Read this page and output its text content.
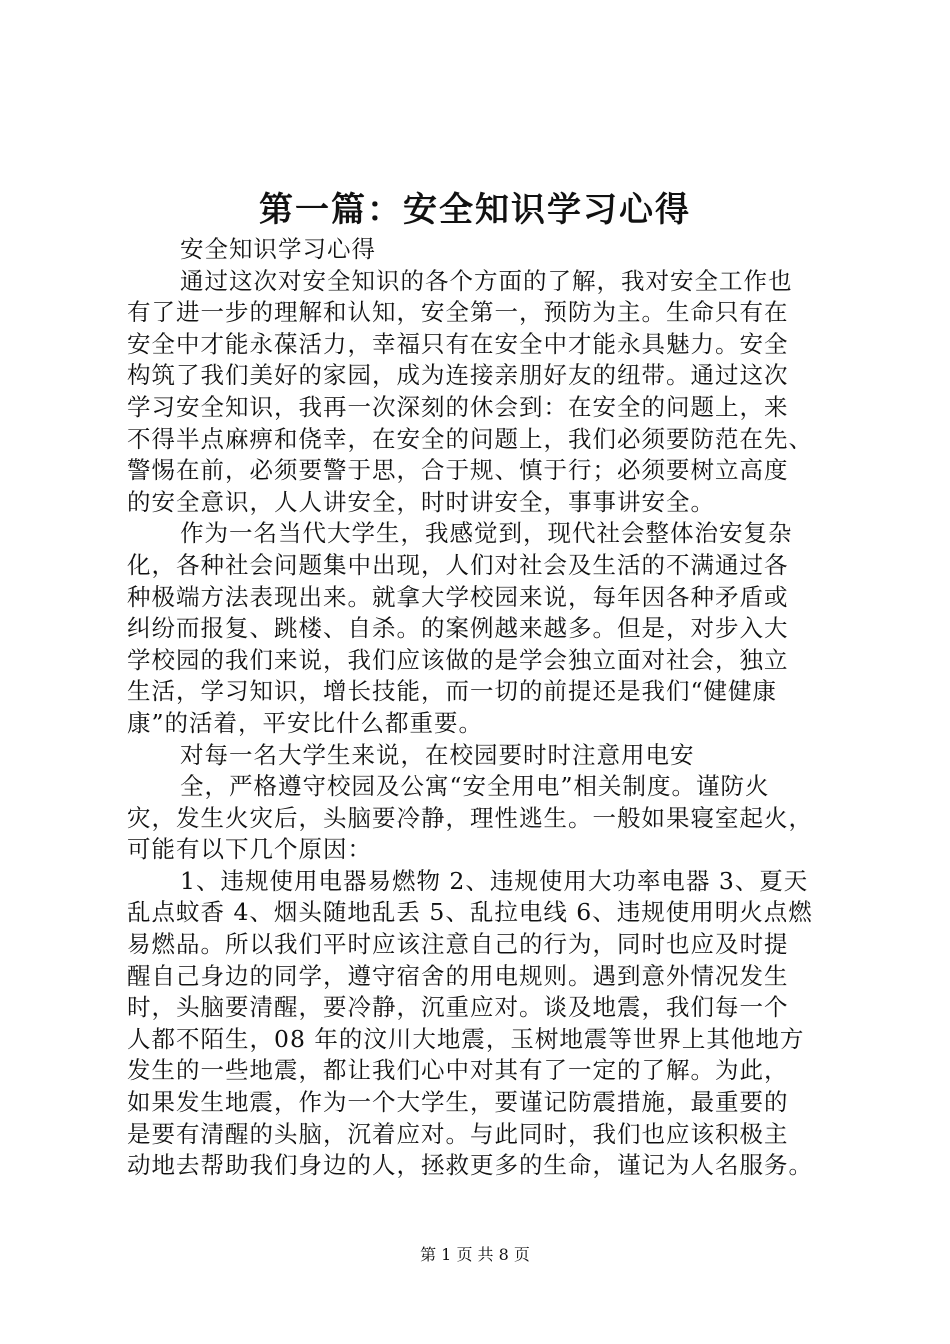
第一篇：安全知识学习心得
安全知识学习心得
通过这次对安全知识的各个方面的了解，我对安全工作也
有了进一步的理解和认知，安全第一，预防为主。生命只有在
安全中才能永葆活力，幸福只有在安全中才能永具魅力。安全
构筑了我们美好的家园，成为连接亲朋好友的纽带。通过这次
学习安全知识，我再一次深刻的休会到：在安全的问题上，来
不得半点麻痹和侥幸，在安全的问题上，我们必须要防范在先、
警惕在前，必须要警于思，合于规、慎于行；必须要树立高度
的安全意识，人人讲安全，时时讲安全，事事讲安全。
作为一名当代大学生，我感觉到，现代社会整体治安复杂
化，各种社会问题集中出现，人们对社会及生活的不满通过各
种极端方法表现出来。就拿大学校园来说，每年因各种矛盾或
纠纷而报复、跳楼、自杀。的案例越来越多。但是，对步入大
学校园的我们来说，我们应该做的是学会独立面对社会，独立
生活，学习知识，增长技能，而一切的前提还是我们“健健康
康”的活着，平安比什么都重要。
对每一名大学生来说，在校园要时时注意用电安
全，严格遵守校园及公寓“安全用电”相关制度。谨防火
灾，发生火灾后，头脑要冷静，理性逃生。一般如果寝室起火，
可能有以下几个原因：
1、违规使用电器易燃物 2、违规使用大功率电器 3、夏天
乱点蚊香 4、烟头随地乱丢 5、乱拉电线 6、违规使用明火点燃
易燃品。所以我们平时应该注意自己的行为，同时也应及时提
醒自己身边的同学，遵守宿舍的用电规则。遇到意外情况发生
时，头脑要清醒，要冷静，沉重应对。谈及地震，我们每一个
人都不陌生，08 年的汶川大地震，玉树地震等世界上其他地方
发生的一些地震，都让我们心中对其有了一定的了解。为此，
如果发生地震，作为一个大学生，要谨记防震措施，最重要的
是要有清醒的头脑，沉着应对。与此同时，我们也应该积极主
动地去帮助我们身边的人，拯救更多的生命，谨记为人名服务。
第 1 页 共 8 页
